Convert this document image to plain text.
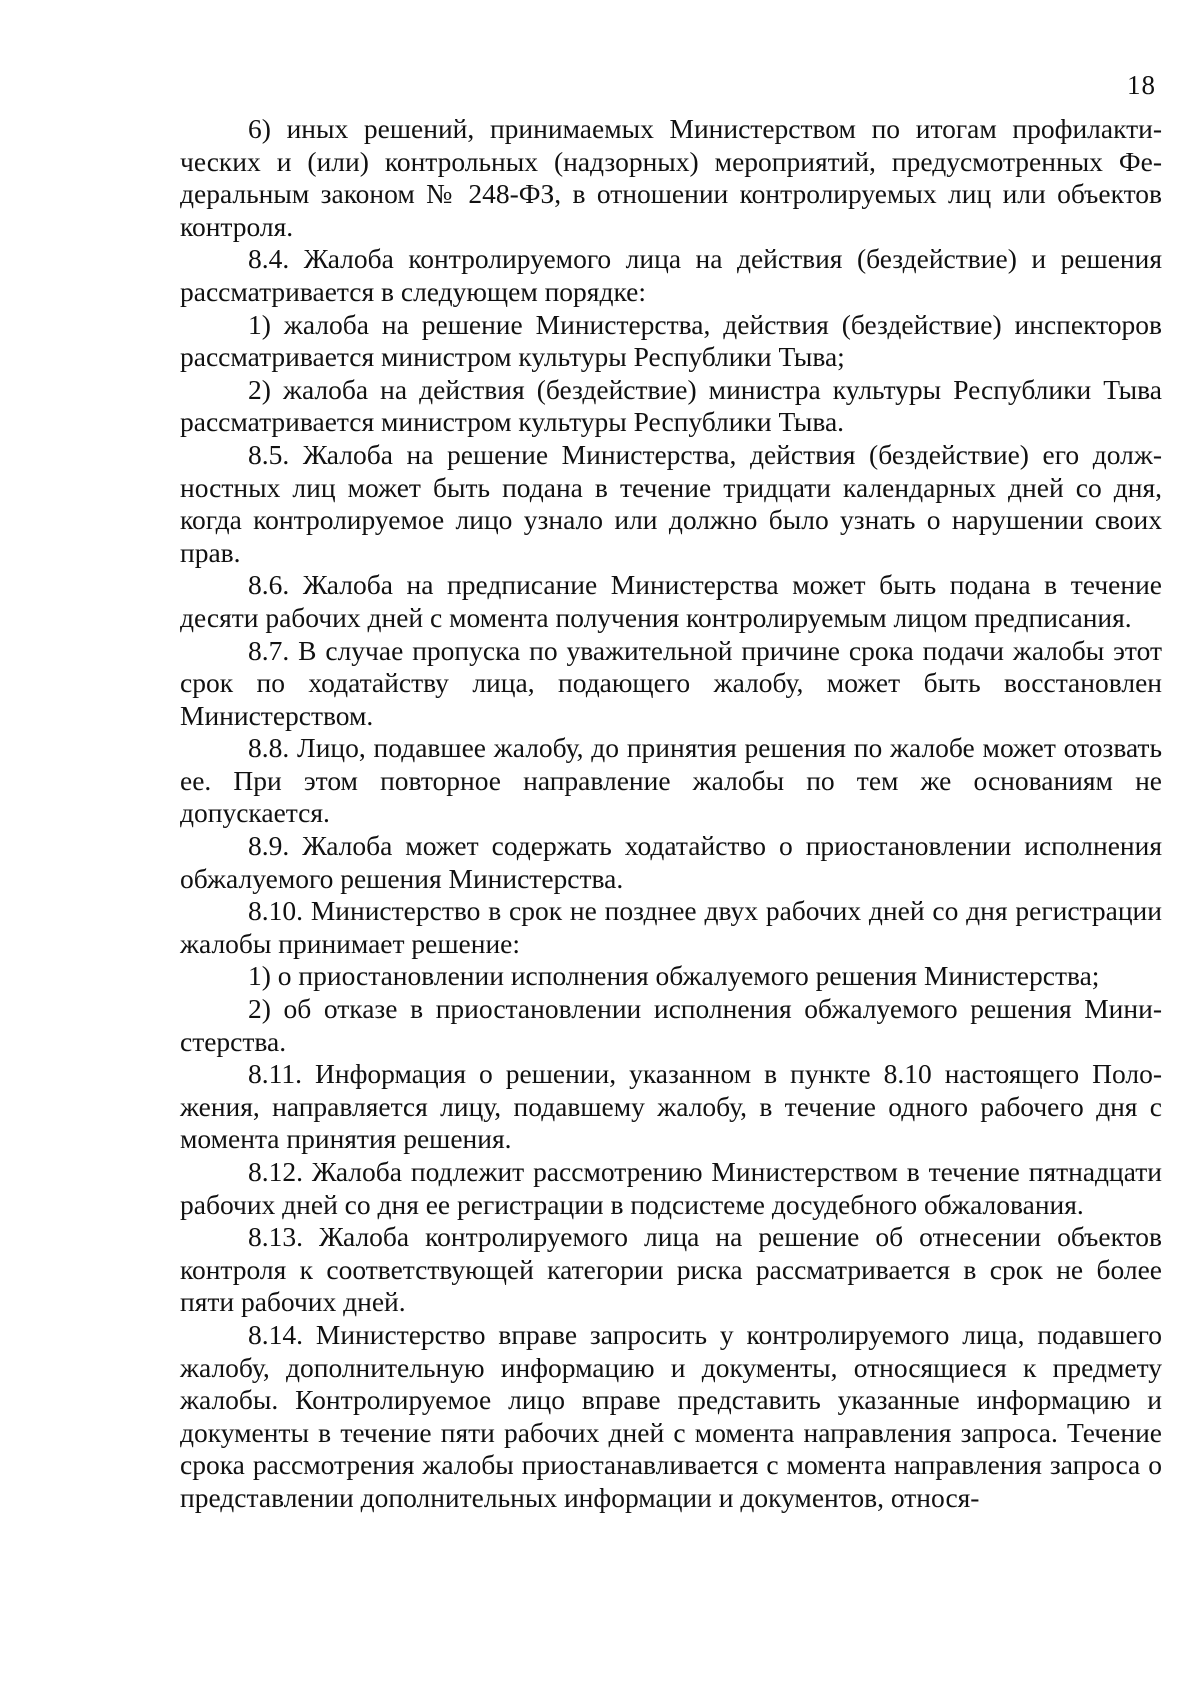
18

6) иных решений, принимаемых Министерством по итогам профилактических и (или) контрольных (надзорных) мероприятий, предусмотренных Федеральным законом № 248-ФЗ, в отношении контролируемых лиц или объектов контроля.

8.4. Жалоба контролируемого лица на действия (бездействие) и решения рассматривается в следующем порядке:

1) жалоба на решение Министерства, действия (бездействие) инспекторов рассматривается министром культуры Республики Тыва;

2) жалоба на действия (бездействие) министра культуры Республики Тыва рассматривается министром культуры Республики Тыва.

8.5. Жалоба на решение Министерства, действия (бездействие) его должностных лиц может быть подана в течение тридцати календарных дней со дня, когда контролируемое лицо узнало или должно было узнать о нарушении своих прав.

8.6. Жалоба на предписание Министерства может быть подана в течение десяти рабочих дней с момента получения контролируемым лицом предписания.

8.7. В случае пропуска по уважительной причине срока подачи жалобы этот срок по ходатайству лица, подающего жалобу, может быть восстановлен Министерством.

8.8. Лицо, подавшее жалобу, до принятия решения по жалобе может отозвать ее. При этом повторное направление жалобы по тем же основаниям не допускается.

8.9. Жалоба может содержать ходатайство о приостановлении исполнения обжалуемого решения Министерства.

8.10. Министерство в срок не позднее двух рабочих дней со дня регистрации жалобы принимает решение:

1) о приостановлении исполнения обжалуемого решения Министерства;

2) об отказе в приостановлении исполнения обжалуемого решения Министерства.

8.11. Информация о решении, указанном в пункте 8.10 настоящего Положения, направляется лицу, подавшему жалобу, в течение одного рабочего дня с момента принятия решения.

8.12. Жалоба подлежит рассмотрению Министерством в течение пятнадцати рабочих дней со дня ее регистрации в подсистеме досудебного обжалования.

8.13. Жалоба контролируемого лица на решение об отнесении объектов контроля к соответствующей категории риска рассматривается в срок не более пяти рабочих дней.

8.14. Министерство вправе запросить у контролируемого лица, подавшего жалобу, дополнительную информацию и документы, относящиеся к предмету жалобы. Контролируемое лицо вправе представить указанные информацию и документы в течение пяти рабочих дней с момента направления запроса. Течение срока рассмотрения жалобы приостанавливается с момента направления запроса о представлении дополнительных информации и документов, относя-
